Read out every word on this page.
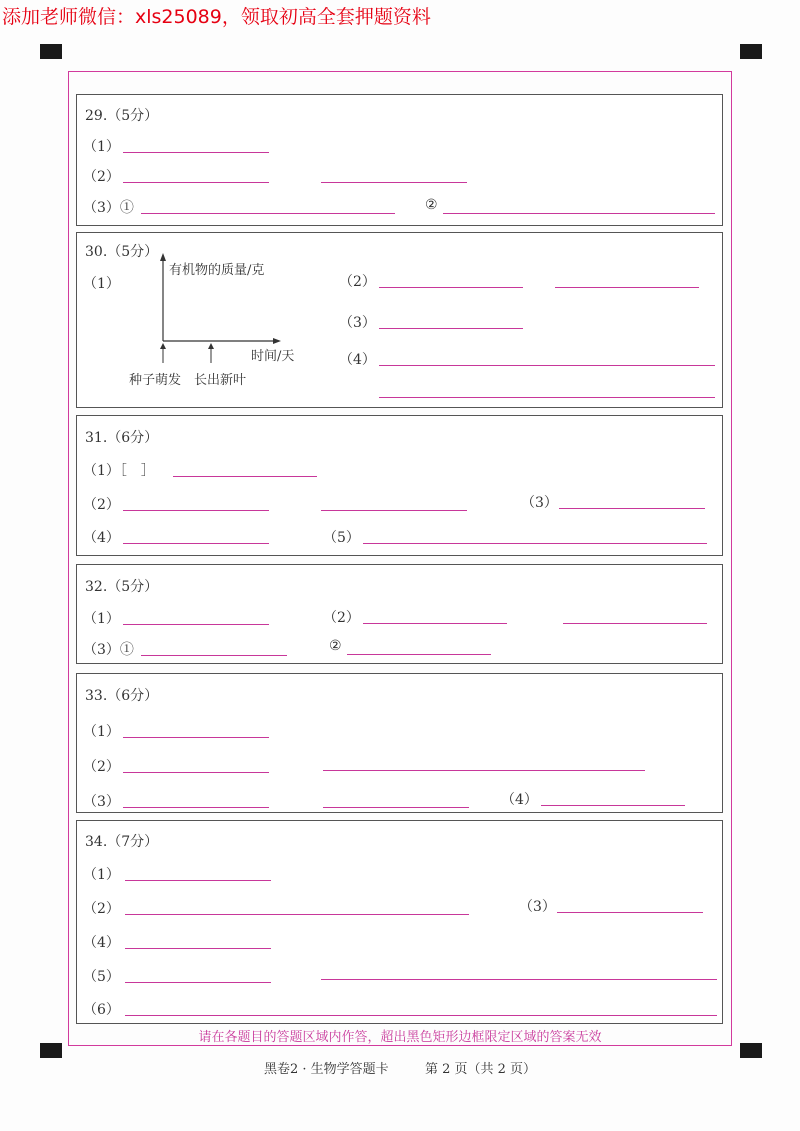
添加老师微信：xls25089，领取初高全套押题资料
29.（5分）
（1）
（2）
（3）①	②
30.（5分）
（1）
有机物的质量/克
时间/天
种子萌发 长出新叶
（2）
（3）
（4）
31.（6分）
（1）［　］
（2）	（3）
（4）	（5）
32.（5分）
（1）	（2）
（3）①	②
33.（6分）
（1）
（2）
（3）	（4）
34.（7分）
（1）
（2）	（3）
（4）
（5）
（6）
请在各题目的答题区域内作答，超出黑色矩形边框限定区域的答案无效
黑卷2 · 生物学答题卡	第 2 页（共 2 页）
